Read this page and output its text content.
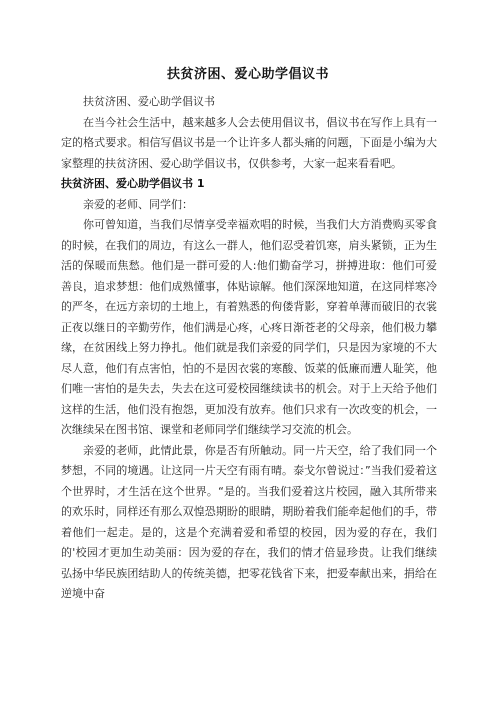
扶贫济困、爱心助学倡议书

扶贫济困、爱心助学倡议书

在当今社会生活中，越来越多人会去使用倡议书，倡议书在写作上具有一定的格式要求。相信写倡议书是一个让许多人都头痛的问题，下面是小编为大家整理的扶贫济困、爱心助学倡议书，仅供参考，大家一起来看看吧。

扶贫济困、爱心助学倡议书 1

亲爱的老师、同学们：

你可曾知道，当我们尽情享受幸福欢唱的时候，当我们大方消费购买零食的时候，在我们的周边，有这么一群人，他们忍受着饥寒，肩头紧锁，正为生活的保暖而焦愁。他们是一群可爱的人:他们勤奋学习，拼搏进取：他们可爱善良，追求梦想：他们成熟懂事，体贴谅解。他们深深地知道，在这同样寒冷的严冬，在远方亲切的土地上，有着熟悉的佝偻背影，穿着单薄而破旧的衣裳正夜以继日的辛勤劳作，他们满是心疼，心疼日渐苍老的父母亲，他们极力攀缘，在贫困线上努力挣扎。他们就是我们亲爱的同学们，只是因为家境的不大尽人意，他们有点害怕，怕的不是因衣裳的寒酸、饭菜的低廉而遭人耻笑，他们唯一害怕的是失去，失去在这可爱校园继续读书的机会。对于上天给予他们这样的生活，他们没有抱怨，更加没有放弃。他们只求有一次改变的机会，一次继续呆在图书馆、课堂和老师同学们继续学习交流的机会。

亲爱的老师，此情此景，你是否有所触动。同一片天空，给了我们同一个梦想，不同的境遇。让这同一片天空有雨有晴。泰戈尔曾说过：”当我们爱着这个世界时，才生活在这个世界。“是的。当我们爱着这片校园，融入其所带来的欢乐时，同样还有那么双惶恐期盼的眼睛，期盼着我们能牵起他们的手，带着他们一起走。是的，这是个充满着爱和希望的校园，因为爱的存在，我们的'校园才更加生动美丽：因为爱的存在，我们的情才倍显珍贵。让我们继续弘扬中华民族团结助人的传统美德，把零花钱省下来，把爱奉献出来，捐给在逆境中奋
